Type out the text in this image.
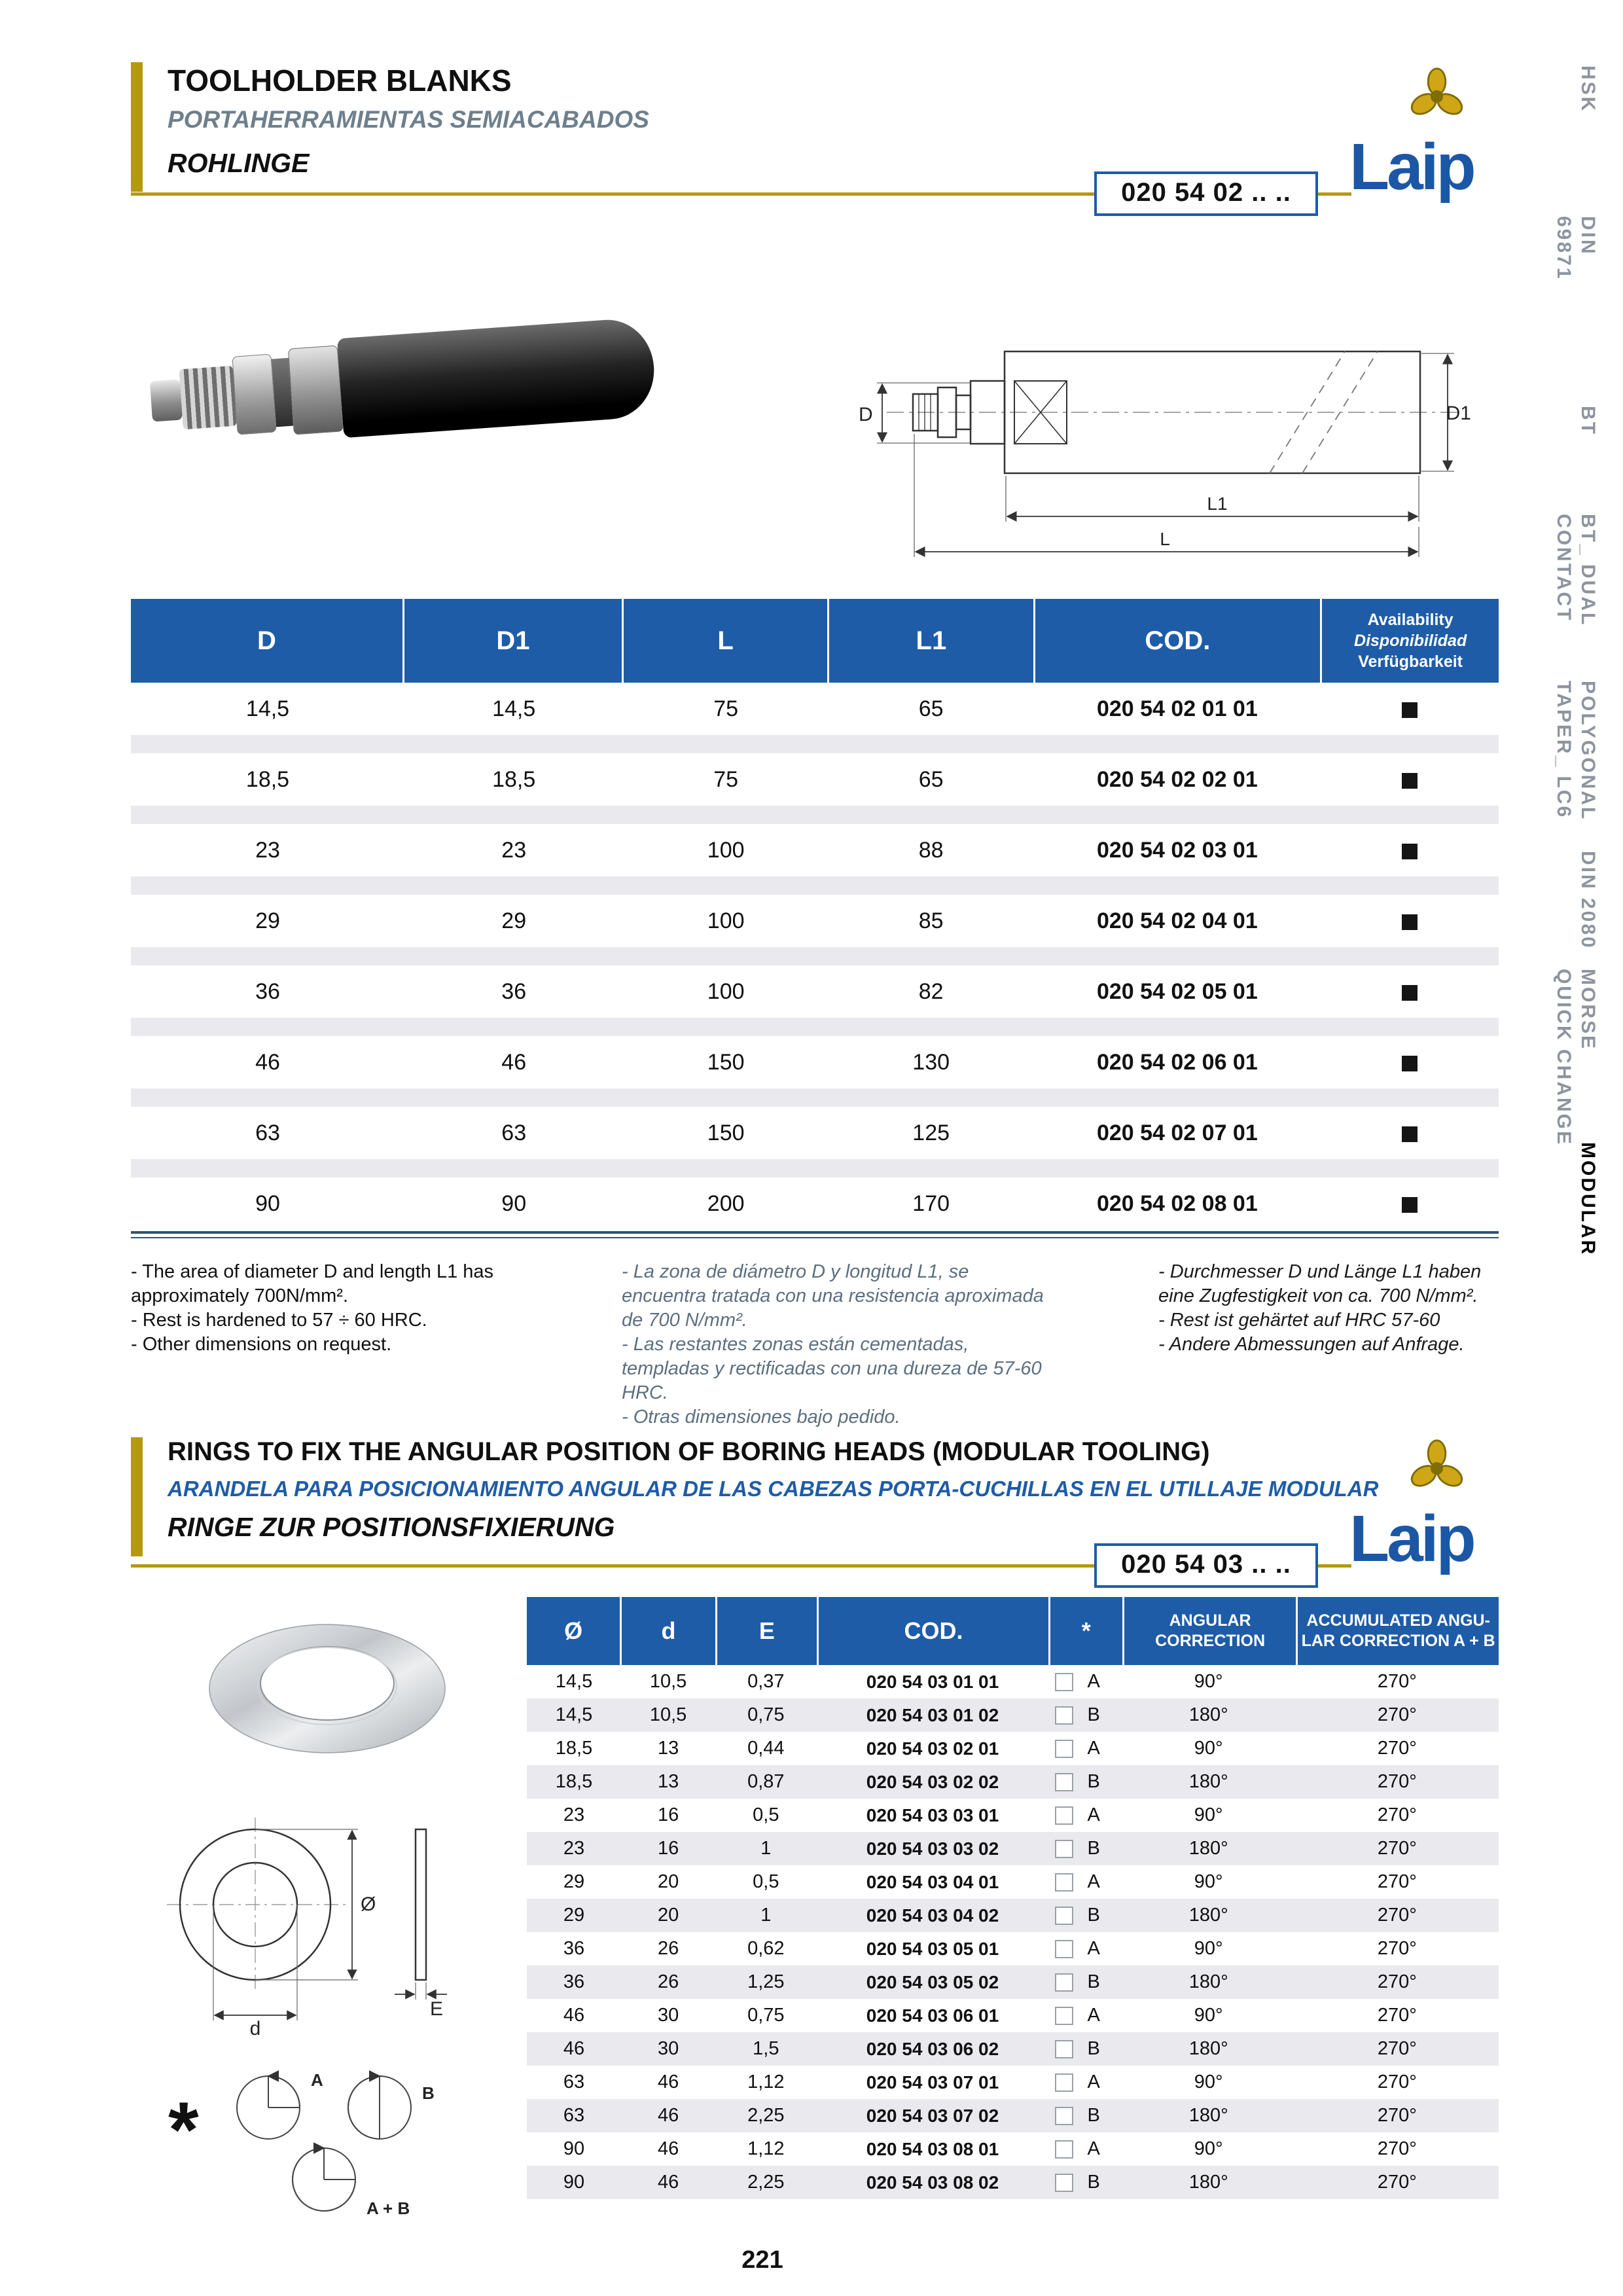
TOOLHOLDER BLANKS
PORTAHERRAMIENTAS SEMIACABADOS
ROHLINGE
020 54 02 .. .. Laip
HSK
DIN
69871
BT
BT_ DUAL
CONTACT
POLYGONAL
TAPER_ LC6
DIN 2080
MORSE
QUICK CHANGE
MODULAR
D	D1
L1
L
D	D1	L	L1	COD.
Availability
Disponibilidad
Verfügbarkeit
14,5	14,5	75	65	020 54 02 01 01
18,5	18,5	75	65	020 54 02 02 01
23	23	100	88	020 54 02 03 01
29	29	100	85	020 54 02 04 01
36	36	100	82	020 54 02 05 01
46	46	150	130	020 54 02 06 01
63	63	150	125	020 54 02 07 01
90	90	200	170	020 54 02 08 01
- The area of diameter D and length L1 has approximately 700N/mm².
- Rest is hardened to 57 ÷ 60 HRC.
- Other dimensions on request.
- La zona de diámetro D y longitud L1, se encuentra tratada con una resistencia aproximada de 700 N/mm².
- Las restantes zonas están cementadas, templadas y rectificadas con una dureza de 57-60 HRC.
- Otras dimensiones bajo pedido.
- Durchmesser D und Länge L1 haben eine Zugfestigkeit von ca. 700 N/mm².
- Rest ist gehärtet auf HRC 57-60
- Andere Abmessungen auf Anfrage.
RINGS TO FIX THE ANGULAR POSITION OF BORING HEADS (MODULAR TOOLING)
ARANDELA PARA POSICIONAMIENTO ANGULAR DE LAS CABEZAS PORTA-CUCHILLAS EN EL UTILLAJE MODULAR
RINGE ZUR POSITIONSFIXIERUNG
020 54 03 .. .. Laip
Ø
d
E
*
A
B
A + B
Ø	d	E	COD.	*	ANGULAR
CORRECTION
ACCUMULATED ANGU-
LAR CORRECTION A + B
14,5	10,5	0,37	020 54 03 01 01	A	90°	270°
14,5	10,5	0,75	020 54 03 01 02	B	180°	270°
18,5	13	0,44	020 54 03 02 01	A	90°	270°
18,5	13	0,87	020 54 03 02 02	B	180°	270°
23	16	0,5	020 54 03 03 01	A	90°	270°
23	16	1	020 54 03 03 02	B	180°	270°
29	20	0,5	020 54 03 04 01	A	90°	270°
29	20	1	020 54 03 04 02	B	180°	270°
36	26	0,62	020 54 03 05 01	A	90°	270°
36	26	1,25	020 54 03 05 02	B	180°	270°
46	30	0,75	020 54 03 06 01	A	90°	270°
46	30	1,5	020 54 03 06 02	B	180°	270°
63	46	1,12	020 54 03 07 01	A	90°	270°
63	46	2,25	020 54 03 07 02	B	180°	270°
90	46	1,12	020 54 03 08 01	A	90°	270°
90	46	2,25	020 54 03 08 02	B	180°	270°
221
